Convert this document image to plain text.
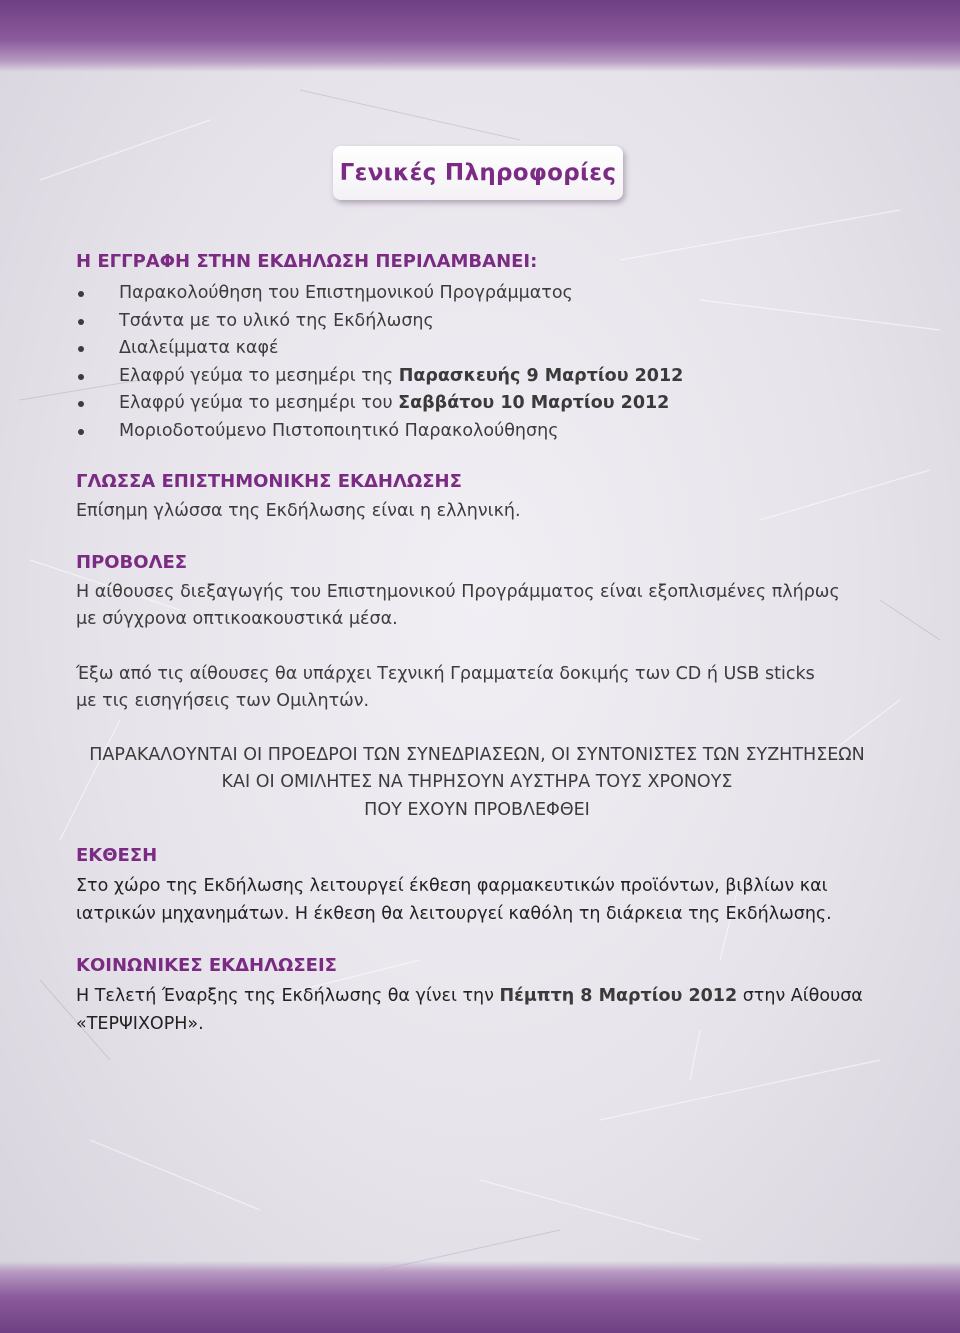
Γενικές Πληροφορίες

Η ΕΓΓΡΑΦΗ ΣΤΗΝ ΕΚΔΗΛΩΣΗ ΠΕΡΙΛΑΜΒΑΝΕΙ:

Παρακολούθηση του Επιστημονικού Προγράμματος
Τσάντα με το υλικό της Εκδήλωσης
Διαλείμματα καφέ
Ελαφρύ γεύμα το μεσημέρι της Παρασκευής 9 Μαρτίου 2012
Ελαφρύ γεύμα το μεσημέρι του Σαββάτου 10 Μαρτίου 2012
Μοριοδοτούμενο Πιστοποιητικό Παρακολούθησης

ΓΛΩΣΣΑ ΕΠΙΣΤΗΜΟΝΙΚΗΣ ΕΚΔΗΛΩΣΗΣ

Επίσημη γλώσσα της Εκδήλωσης είναι η ελληνική.

ΠΡΟΒΟΛΕΣ

Η αίθουσες διεξαγωγής του Επιστημονικού Προγράμματος είναι εξοπλισμένες πλήρως
με σύγχρονα οπτικοακουστικά μέσα.

Έξω από τις αίθουσες θα υπάρχει Τεχνική Γραμματεία δοκιμής των CD ή USB sticks
με τις εισηγήσεις των Ομιλητών.

ΠΑΡΑΚΑΛΟΥΝΤΑΙ ΟΙ ΠΡΟΕΔΡΟΙ ΤΩΝ ΣΥΝΕΔΡΙΑΣΕΩΝ, ΟΙ ΣΥΝΤΟΝΙΣΤΕΣ ΤΩΝ ΣΥΖΗΤΗΣΕΩΝ
ΚΑΙ ΟΙ ΟΜΙΛΗΤΕΣ ΝΑ ΤΗΡΗΣΟΥΝ ΑΥΣΤΗΡΑ ΤΟΥΣ ΧΡΟΝΟΥΣ
ΠΟΥ ΕΧΟΥΝ ΠΡΟΒΛΕΦΘΕΙ

ΕΚΘΕΣΗ

Στο χώρο της Εκδήλωσης λειτουργεί έκθεση φαρμακευτικών προϊόντων, βιβλίων και
ιατρικών μηχανημάτων. Η έκθεση θα λειτουργεί καθόλη τη διάρκεια της Εκδήλωσης.

ΚΟΙΝΩΝΙΚΕΣ ΕΚΔΗΛΩΣΕΙΣ

Η Τελετή Έναρξης της Εκδήλωσης θα γίνει την Πέμπτη 8 Μαρτίου 2012 στην Αίθουσα
«ΤΕΡΨΙΧΟΡΗ».
